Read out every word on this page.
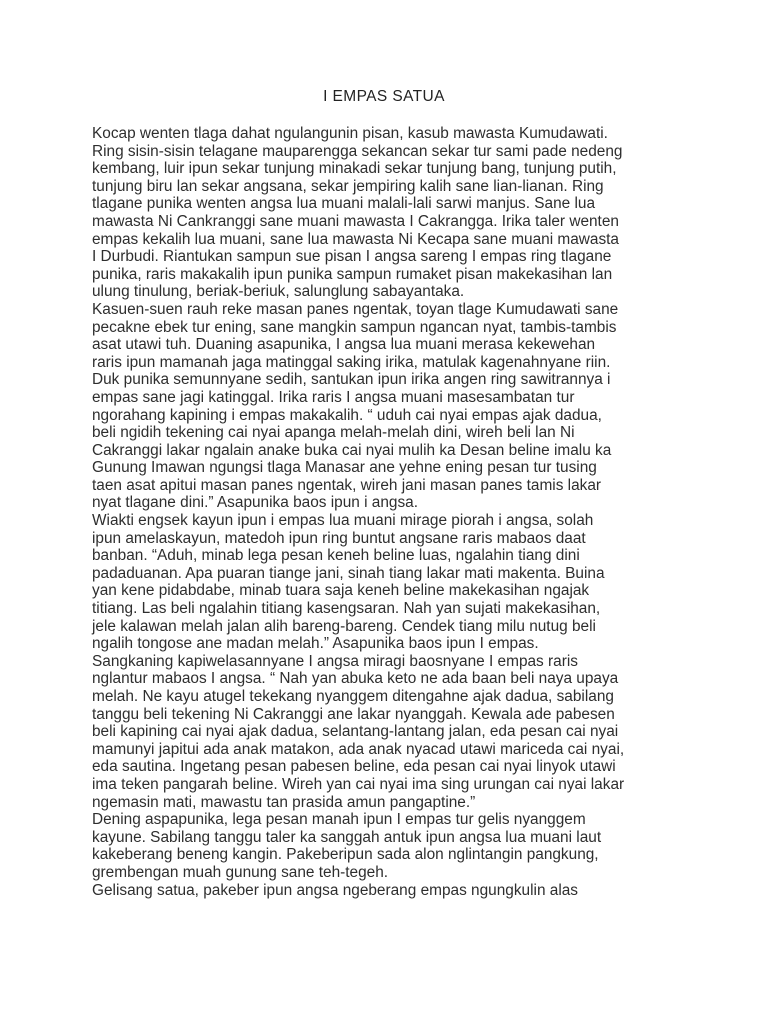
I EMPAS SATUA
Kocap wenten tlaga dahat ngulangunin pisan, kasub mawasta Kumudawati.
Ring sisin-sisin telagane mauparengga sekancan sekar tur sami pade nedeng
kembang, luir ipun sekar tunjung minakadi sekar tunjung bang, tunjung putih,
tunjung biru lan sekar angsana, sekar jempiring kalih sane lian-lianan. Ring
tlagane punika wenten angsa lua muani malali-lali sarwi manjus. Sane lua
mawasta Ni Cankranggi sane muani mawasta I Cakrangga. Irika taler wenten
empas kekalih lua muani, sane lua mawasta Ni Kecapa sane muani mawasta
I Durbudi. Riantukan sampun sue pisan I angsa sareng I empas ring tlagane
punika, raris makakalih ipun punika sampun rumaket pisan makekasihan lan
ulung tinulung, beriak-beriuk, salunglung sabayantaka.
Kasuen-suen rauh reke masan panes ngentak, toyan tlage Kumudawati sane
pecakne ebek tur ening, sane mangkin sampun ngancan nyat, tambis-tambis
asat utawi tuh. Duaning asapunika, I angsa lua muani merasa kekewehan
raris ipun mamanah jaga matinggal saking irika, matulak kagenahnyane riin.
Duk punika semunnyane sedih, santukan ipun irika angen ring sawitrannya i
empas sane jagi katinggal. Irika raris I angsa muani masesambatan tur
ngorahang kapining i empas makakalih. “ uduh cai nyai empas ajak dadua,
beli ngidih tekening cai nyai apanga melah-melah dini, wireh beli lan Ni
Cakranggi lakar ngalain anake buka cai nyai mulih ka Desan beline imalu ka
Gunung Imawan ngungsi tlaga Manasar ane yehne ening pesan tur tusing
taen asat apitui masan panes ngentak, wireh jani masan panes tamis lakar
nyat tlagane dini.” Asapunika baos ipun i angsa.
Wiakti engsek kayun ipun i empas lua muani mirage piorah i angsa, solah
ipun amelaskayun, matedoh ipun ring buntut angsane raris mabaos daat
banban. “Aduh, minab lega pesan keneh beline luas, ngalahin tiang dini
padaduanan. Apa puaran tiange jani, sinah tiang lakar mati makenta. Buina
yan kene pidabdabe, minab tuara saja keneh beline makekasihan ngajak
titiang. Las beli ngalahin titiang kasengsaran. Nah yan sujati makekasihan,
jele kalawan melah jalan alih bareng-bareng. Cendek tiang milu nutug beli
ngalih tongose ane madan melah.” Asapunika baos ipun I empas.
Sangkaning kapiwelasannyane I angsa miragi baosnyane I empas raris
nglantur mabaos I angsa. “ Nah yan abuka keto ne ada baan beli naya upaya
melah. Ne kayu atugel tekekang nyanggem ditengahne ajak dadua, sabilang
tanggu beli tekening Ni Cakranggi ane lakar nyanggah. Kewala ade pabesen
beli kapining cai nyai ajak dadua, selantang-lantang jalan, eda pesan cai nyai
mamunyi japitui ada anak matakon, ada anak nyacad utawi mariceda cai nyai,
eda sautina. Ingetang pesan pabesen beline, eda pesan cai nyai linyok utawi
ima teken pangarah beline. Wireh yan cai nyai ima sing urungan cai nyai lakar
ngemasin mati, mawastu tan prasida amun pangaptine.”
Dening aspapunika, lega pesan manah ipun I empas tur gelis nyanggem
kayune. Sabilang tanggu taler ka sanggah antuk ipun angsa lua muani laut
kakeberang beneng kangin. Pakeberipun sada alon nglintangin pangkung,
grembengan muah gunung sane teh-tegeh.
Gelisang satua, pakeber ipun angsa ngeberang empas ngungkulin alas
